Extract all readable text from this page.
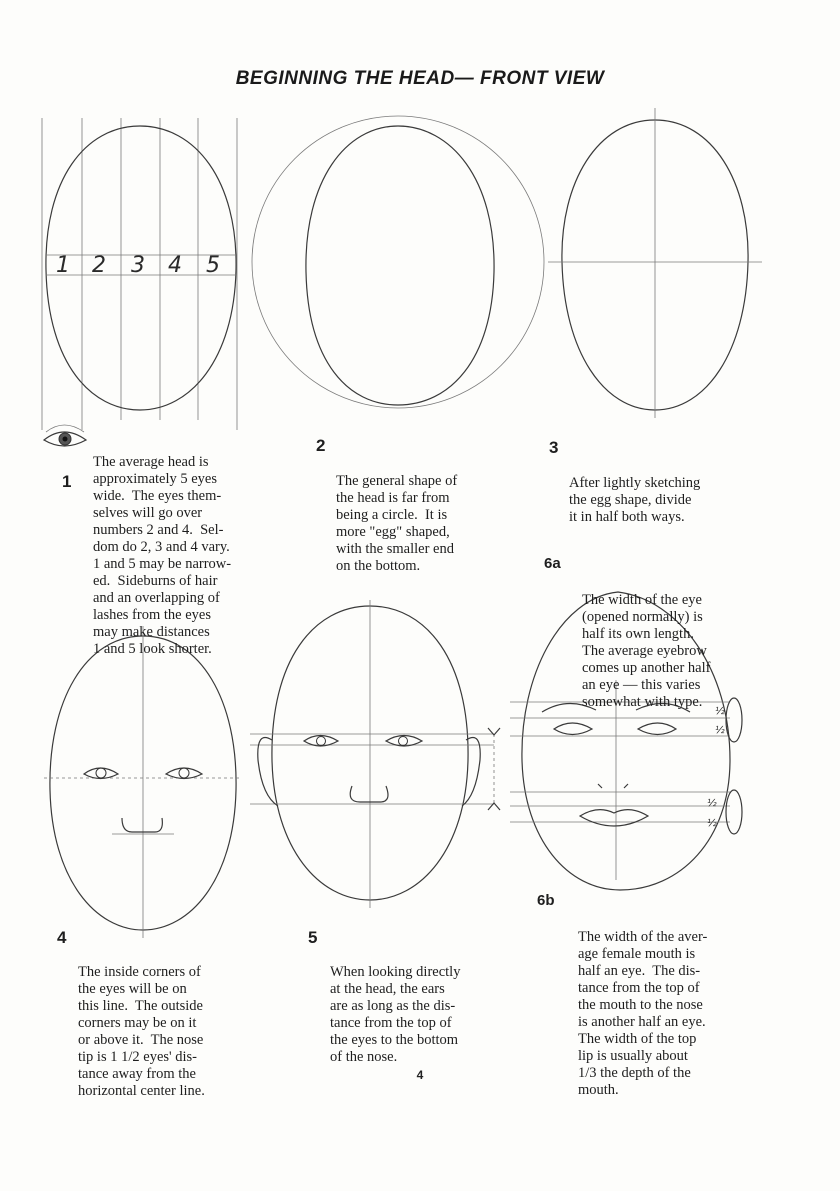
BEGINNING THE HEAD— FRONT VIEW
1 2 3 4 5
½
½
½
½
1

The average head is
approximately 5 eyes
wide.  The eyes them-
selves will go over
numbers 2 and 4.  Sel-
dom do 2, 3 and 4 vary.
1 and 5 may be narrow-
ed.  Sideburns of hair
and an overlapping of
lashes from the eyes
may make distances
1 and 5 look shorter.

2

The general shape of
the head is far from
being a circle.  It is
more "egg" shaped,
with the smaller end
on the bottom.

3

After lightly sketching
the egg shape, divide
it in half both ways.

6a

The width of the eye
(opened normally) is
half its own length.
The average eyebrow
comes up another half
an eye — this varies
somewhat with type.

4

The inside corners of
the eyes will be on
this line.  The outside
corners may be on it
or above it.  The nose
tip is 1 1/2 eyes' dis-
tance away from the
horizontal center line.

5

When looking directly
at the head, the ears
are as long as the dis-
tance from the top of
the eyes to the bottom
of the nose.

6b

The width of the aver-
age female mouth is
half an eye.  The dis-
tance from the top of
the mouth to the nose
is another half an eye.
The width of the top
lip is usually about
1/3 the depth of the
mouth.

4
